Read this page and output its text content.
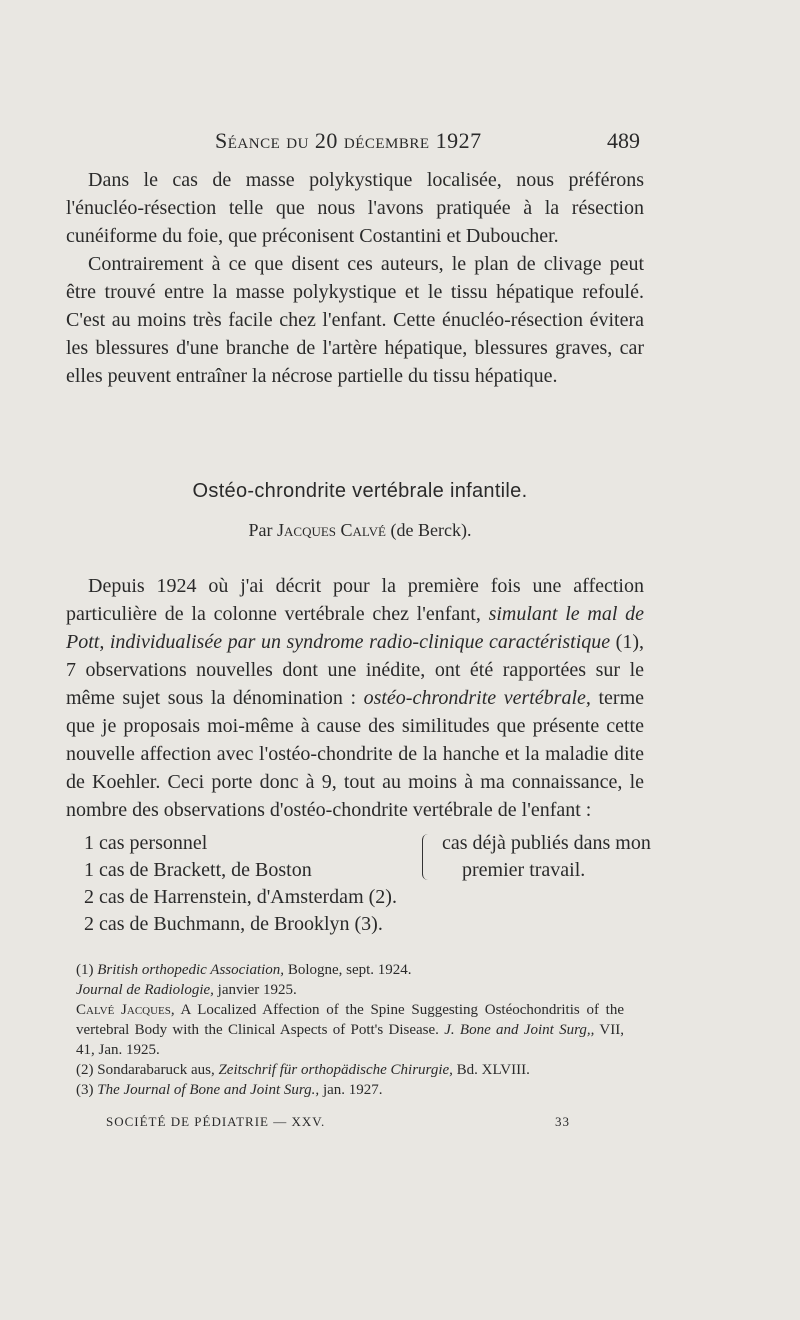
Séance du 20 décembre 1927	489

Dans le cas de masse polykystique localisée, nous préférons l'énucléo-résection telle que nous l'avons pratiquée à la résection cunéiforme du foie, que préconisent Costantini et Duboucher.

Contrairement à ce que disent ces auteurs, le plan de clivage peut être trouvé entre la masse polykystique et le tissu hépatique refoulé. C'est au moins très facile chez l'enfant. Cette énucléo-résection évitera les blessures d'une branche de l'artère hépatique, blessures graves, car elles peuvent entraîner la nécrose partielle du tissu hépatique.

Ostéo-chrondrite vertébrale infantile.
Par Jacques Calvé (de Berck).

Depuis 1924 où j'ai décrit pour la première fois une affection particulière de la colonne vertébrale chez l'enfant, simulant le mal de Pott, individualisée par un syndrome radio-clinique caractéristique (1), 7 observations nouvelles dont une inédite, ont été rapportées sur le même sujet sous la dénomination : ostéo-chrondrite vertébrale, terme que je proposais moi-même à cause des similitudes que présente cette nouvelle affection avec l'ostéo-chondrite de la hanche et la maladie dite de Koehler. Ceci porte donc à 9, tout au moins à ma connaissance, le nombre des observations d'ostéo-chondrite vertébrale de l'enfant :

1 cas personnel
1 cas de Brackett, de Boston
2 cas de Harrenstein, d'Amsterdam (2).
2 cas de Buchmann, de Brooklyn (3).
cas déjà publiés dans mon
premier travail.

(1) British orthopedic Association, Bologne, sept. 1924.

Journal de Radiologie, janvier 1925.

Calvé Jacques, A Localized Affection of the Spine Suggesting Ostéochondritis of the vertebral Body with the Clinical Aspects of Pott's Disease. J. Bone and Joint Surg,, VII, 41, Jan. 1925.

(2) Sondarabaruck aus, Zeitschrif für orthopädische Chirurgie, Bd. XLVIII.

(3) The Journal of Bone and Joint Surg., jan. 1927.

SOCIÉTÉ DE PÉDIATRIE — XXV.	33
